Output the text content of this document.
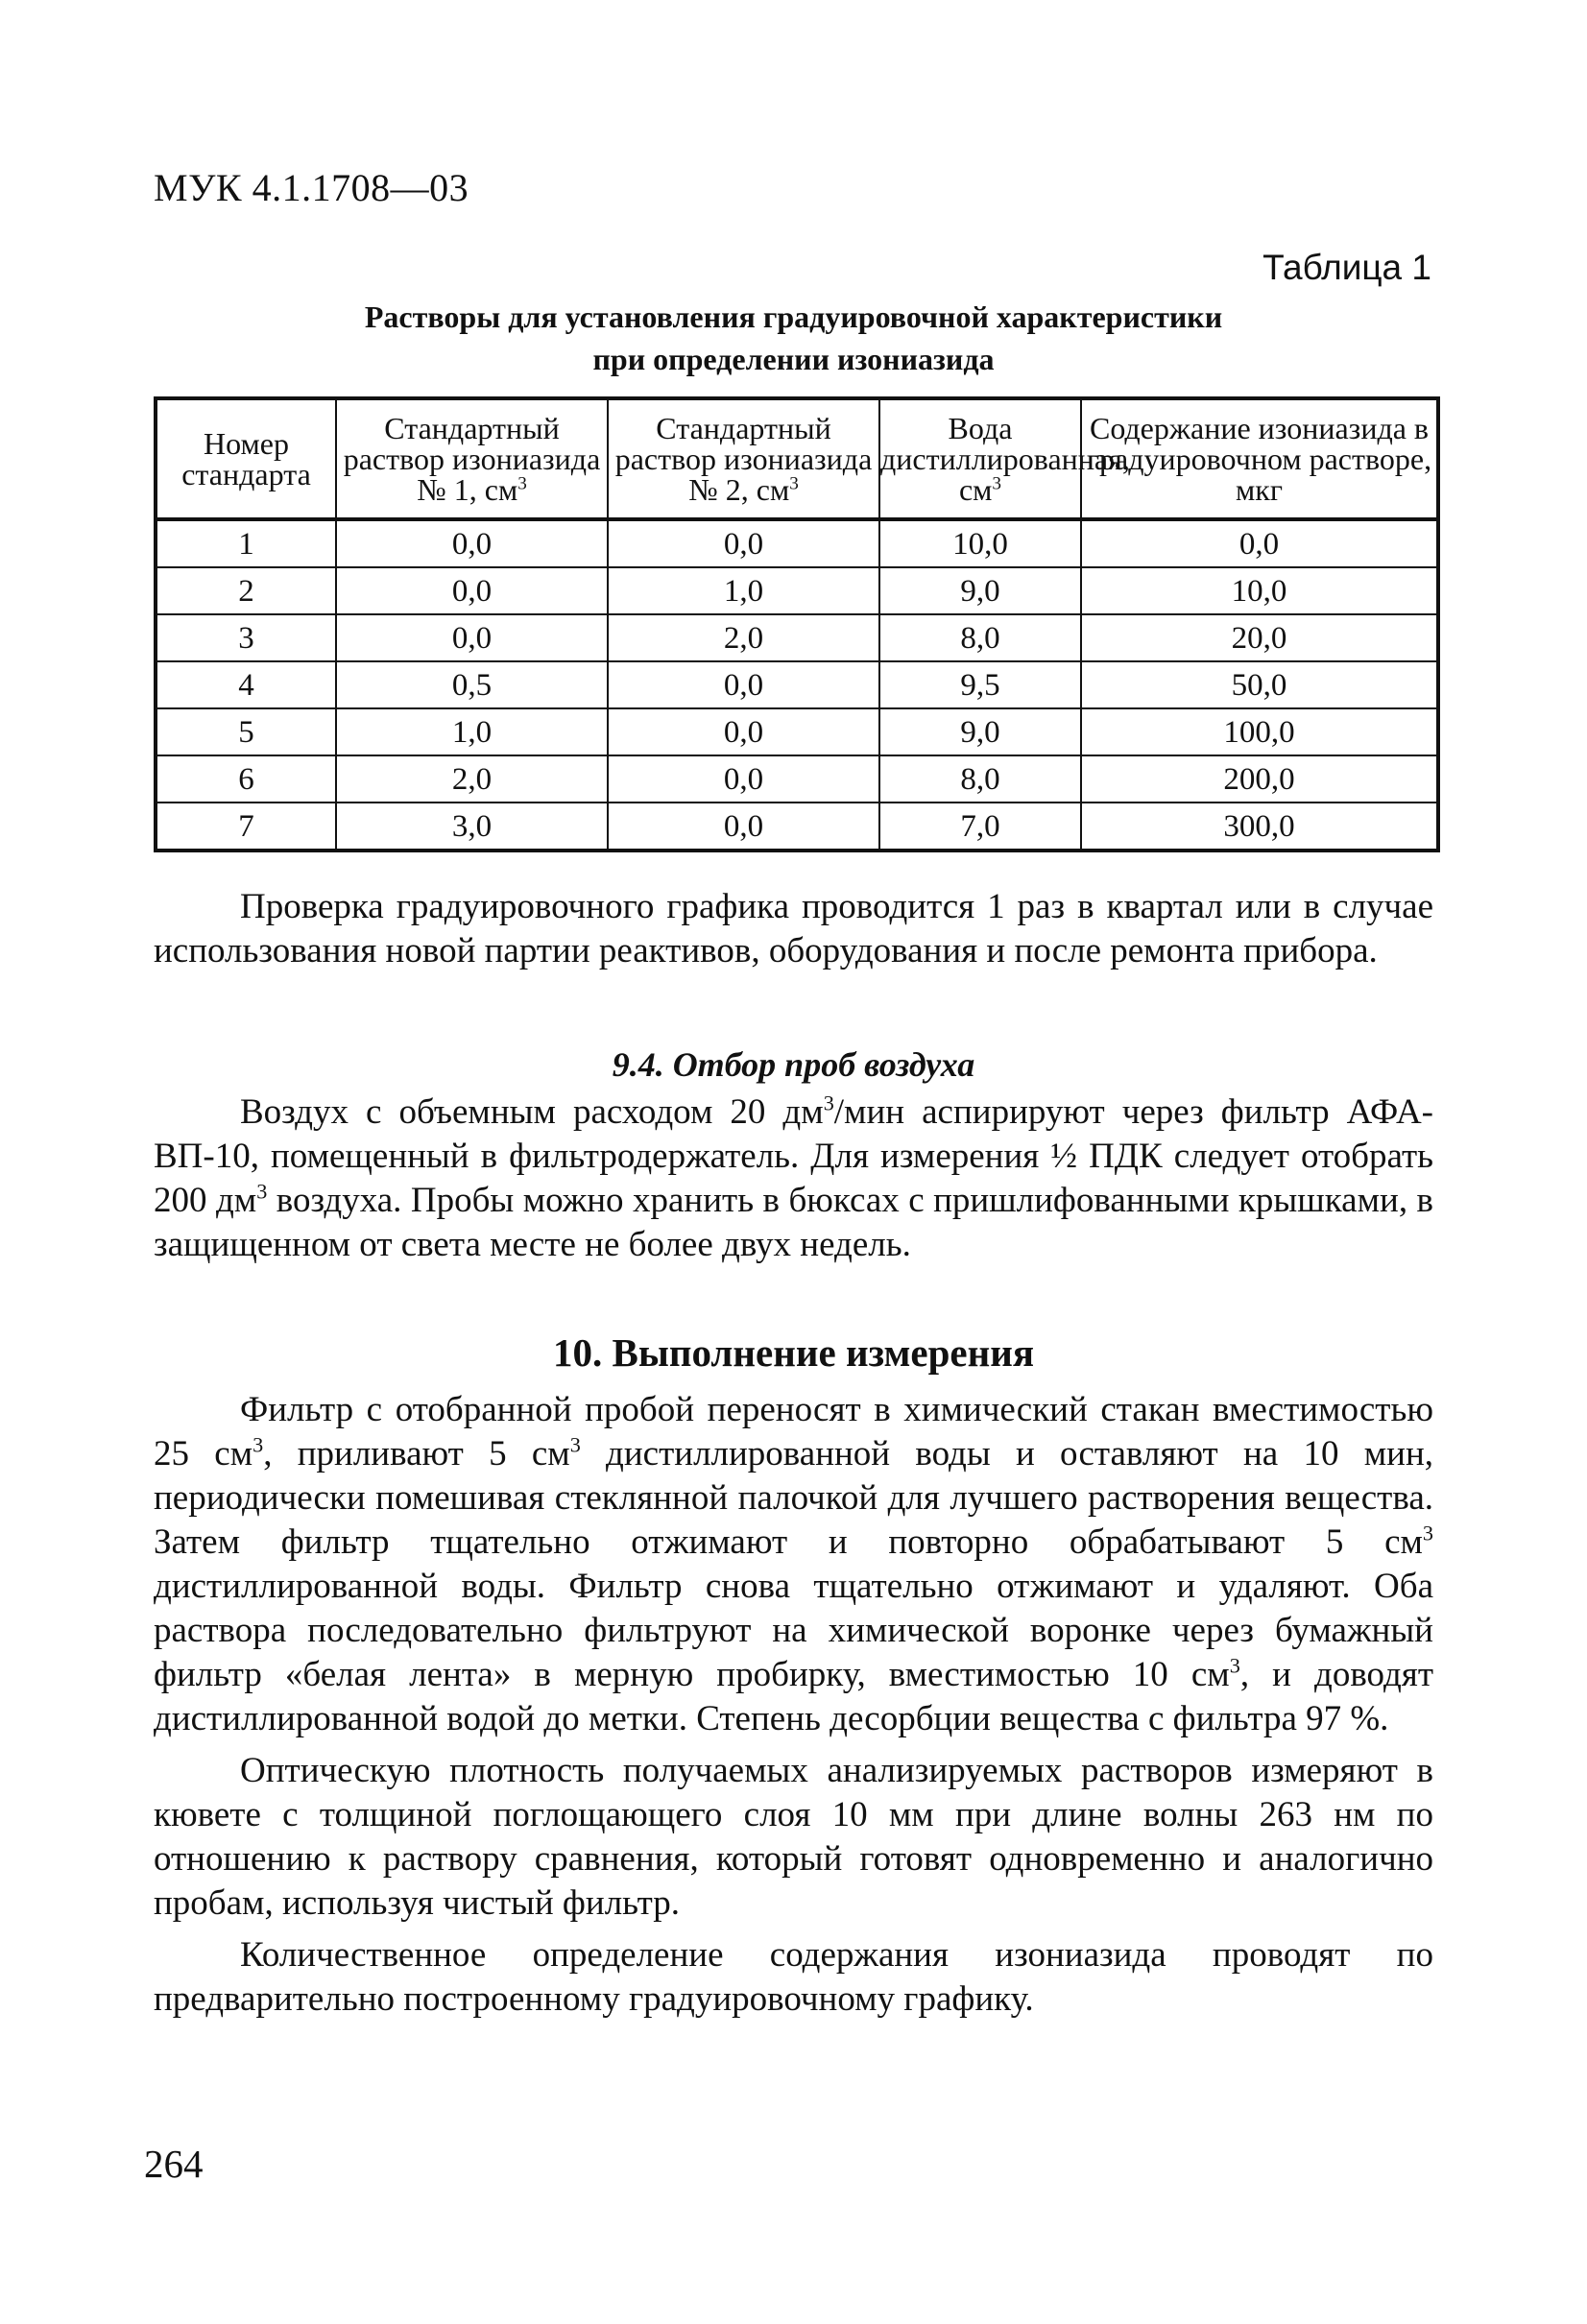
МУК 4.1.1708—03
Таблица 1
Растворы для установления градуировочной характеристики
при определении изониазида
Номер стандарта	Стандартный раствор изониазида № 1, $см^3$	Стандартный раствор изониазида № 2, $см^3$	Вода дистиллированная, $см^3$	Содержание изониазида в градуировочном растворе, мкг
1	0,0	0,0	10,0	0,0
2	0,0	1,0	9,0	10,0
3	0,0	2,0	8,0	20,0
4	0,5	0,0	9,5	50,0
5	1,0	0,0	9,0	100,0
6	2,0	0,0	8,0	200,0
7	3,0	0,0	7,0	300,0

Проверка градуировочного графика проводится 1 раз в квартал или в случае использования новой партии реактивов, оборудования и после ремонта прибора.

9.4. Отбор проб воздуха

Воздух с объемным расходом 20 $дм^3$/мин аспирируют через фильтр АФА-ВП-10, помещенный в фильтродержатель. Для измерения ½ ПДК следует отобрать 200 $дм^3$ воздуха. Пробы можно хранить в бюксах с пришлифованными крышками, в защищенном от света месте не более двух недель.

10. Выполнение измерения

Фильтр с отобранной пробой переносят в химический стакан вместимостью 25 $см^3$, приливают 5 $см^3$ дистиллированной воды и оставляют на 10 мин, периодически помешивая стеклянной палочкой для лучшего растворения вещества. Затем фильтр тщательно отжимают и повторно обрабатывают 5 $см^3$ дистиллированной воды. Фильтр снова тщательно отжимают и удаляют. Оба раствора последовательно фильтруют на химической воронке через бумажный фильтр «белая лента» в мерную пробирку, вместимостью 10 $см^3$, и доводят дистиллированной водой до метки. Степень десорбции вещества с фильтра 97 %.

Оптическую плотность получаемых анализируемых растворов измеряют в кювете с толщиной поглощающего слоя 10 мм при длине волны 263 нм по отношению к раствору сравнения, который готовят одновременно и аналогично пробам, используя чистый фильтр.

Количественное определение содержания изониазида проводят по предварительно построенному градуировочному графику.

264
